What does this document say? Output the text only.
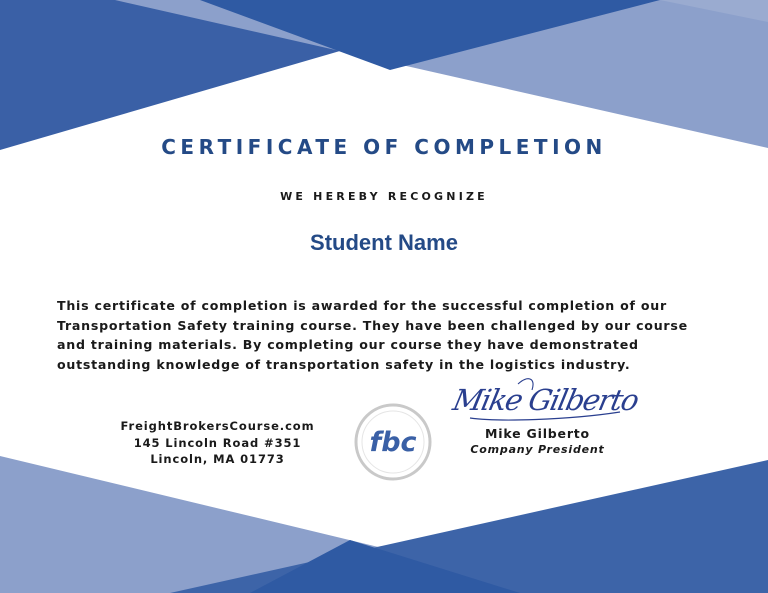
CERTIFICATE OF COMPLETION
WE HEREBY RECOGNIZE
Student Name
This certificate of completion is awarded for the successful completion of our
Transportation Safety training course. They have been challenged by our course
and training materials. By completing our course they have demonstrated
outstanding knowledge of transportation safety in the logistics industry.
FreightBrokersCourse.com
145 Lincoln Road #351
Lincoln, MA 01773
fbc
Mike Gilberto
Mike Gilberto
Company President
